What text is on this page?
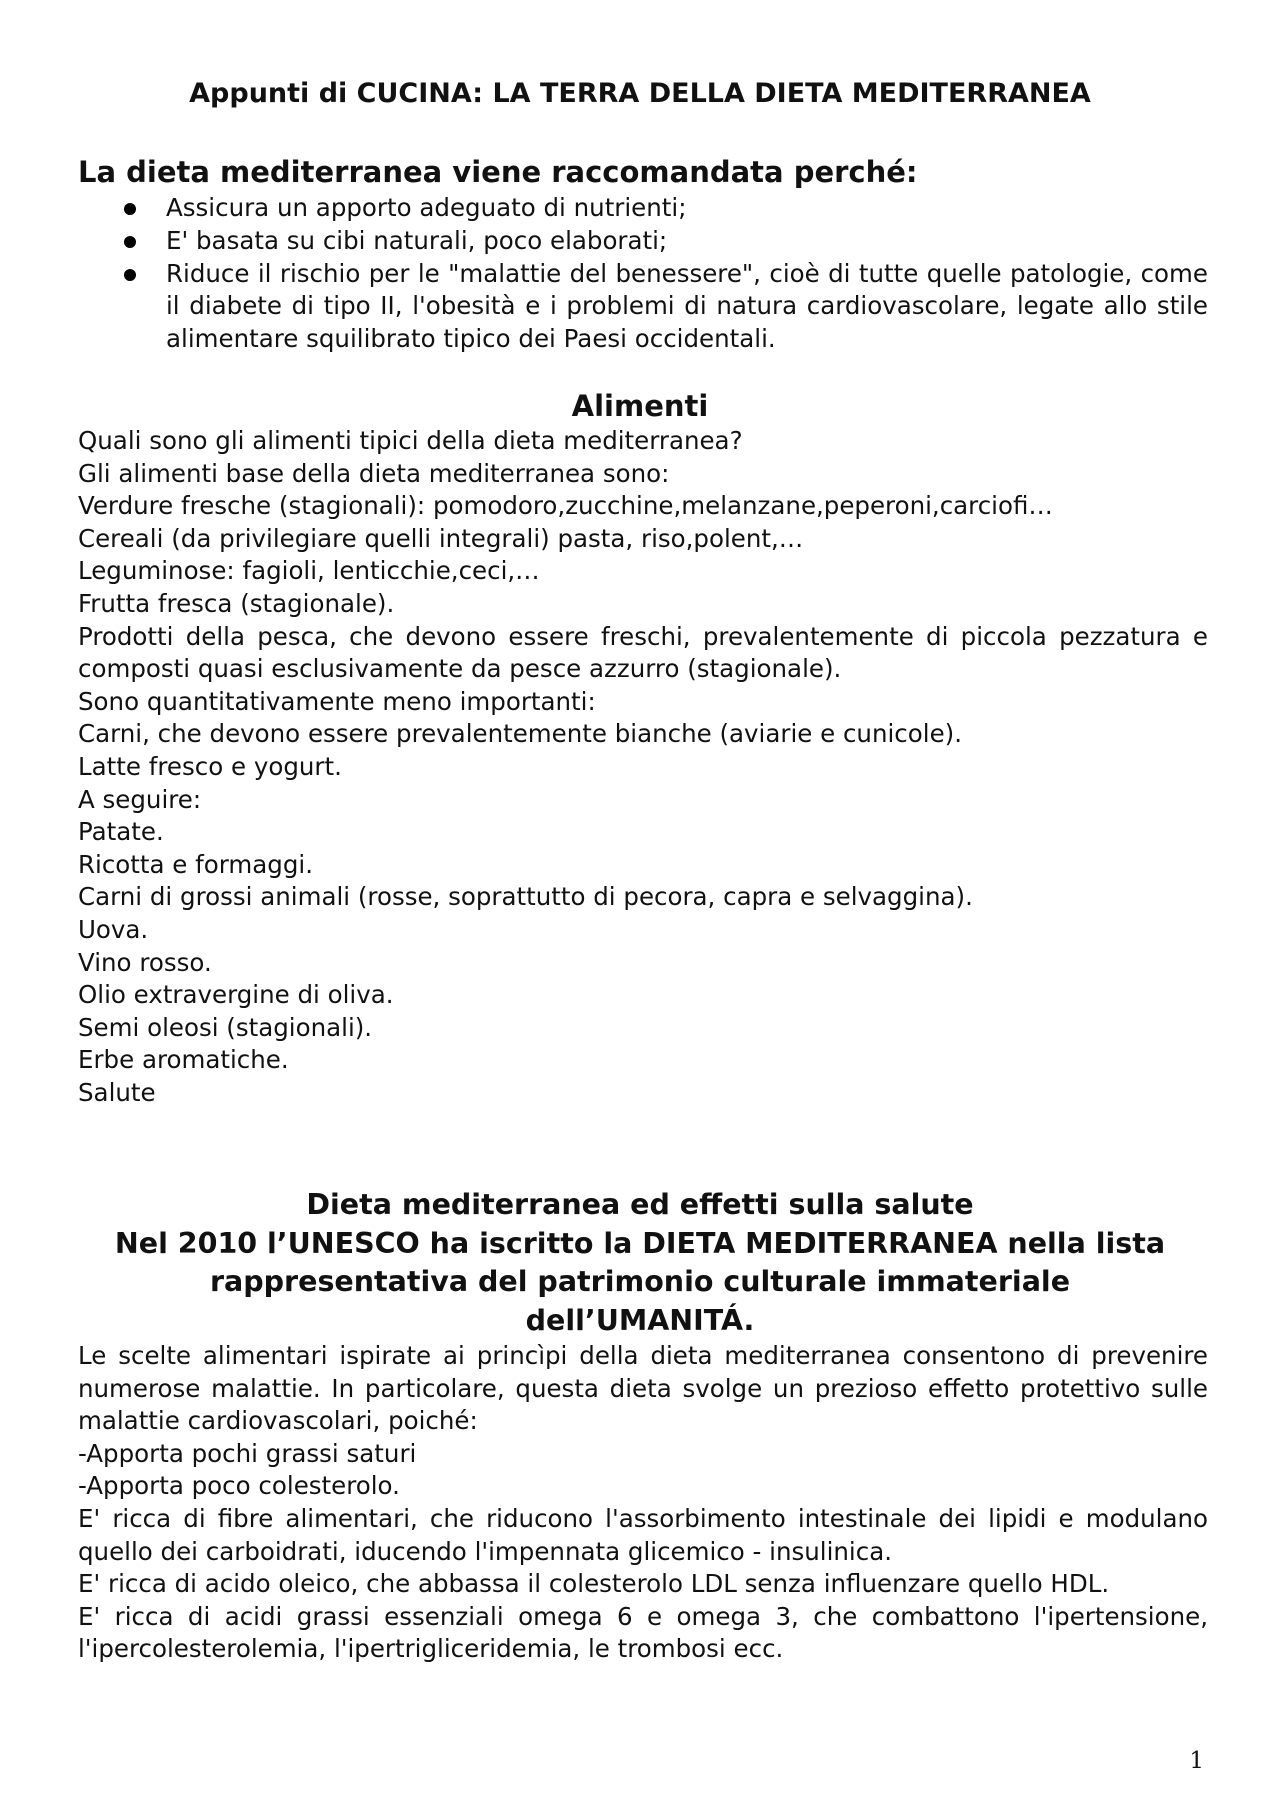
Appunti di CUCINA: LA TERRA DELLA DIETA MEDITERRANEA
La dieta mediterranea viene raccomandata perché:
Assicura un apporto adeguato di nutrienti;
E' basata su cibi naturali, poco elaborati;
Riduce il rischio per le "malattie del benessere", cioè di tutte quelle patologie, come il diabete di tipo II, l'obesità e i problemi di natura cardiovascolare, legate allo stile alimentare squilibrato tipico dei Paesi occidentali.
Alimenti

Quali sono gli alimenti tipici della dieta mediterranea?

Gli alimenti base della dieta mediterranea sono:

Verdure fresche (stagionali): pomodoro,zucchine,melanzane,peperoni,carciofi…

Cereali (da privilegiare quelli integrali) pasta, riso,polent,…

Leguminose: fagioli, lenticchie,ceci,…

Frutta fresca (stagionale).

Prodotti della pesca, che devono essere freschi, prevalentemente di piccola pezzatura e composti quasi esclusivamente da pesce azzurro (stagionale).

Sono quantitativamente meno importanti:

Carni, che devono essere prevalentemente bianche (aviarie e cunicole).

Latte fresco e yogurt.

A seguire:

Patate.

Ricotta e formaggi.

Carni di grossi animali (rosse, soprattutto di pecora, capra e selvaggina).

Uova.

Vino rosso.

Olio extravergine di oliva.

Semi oleosi (stagionali).

Erbe aromatiche.

Salute

Dieta mediterranea ed effetti sulla salute
Nel 2010 l’UNESCO ha iscritto la DIETA MEDITERRANEA nella lista
rappresentativa del patrimonio culturale immateriale
dell’UMANITÁ.

Le scelte alimentari ispirate ai princìpi della dieta mediterranea consentono di prevenire numerose malattie. In particolare, questa dieta svolge un prezioso effetto protettivo sulle malattie cardiovascolari, poiché:

-Apporta pochi grassi saturi

-Apporta poco colesterolo.

E' ricca di fibre alimentari, che riducono l'assorbimento intestinale dei lipidi e modulano quello dei carboidrati, iducendo l'impennata glicemico - insulinica.

E' ricca di acido oleico, che abbassa il colesterolo LDL senza influenzare quello HDL.

E' ricca di acidi grassi essenziali omega 6 e omega 3, che combattono l'ipertensione, l'ipercolesterolemia, l'ipertrigliceridemia, le trombosi ecc.

1
